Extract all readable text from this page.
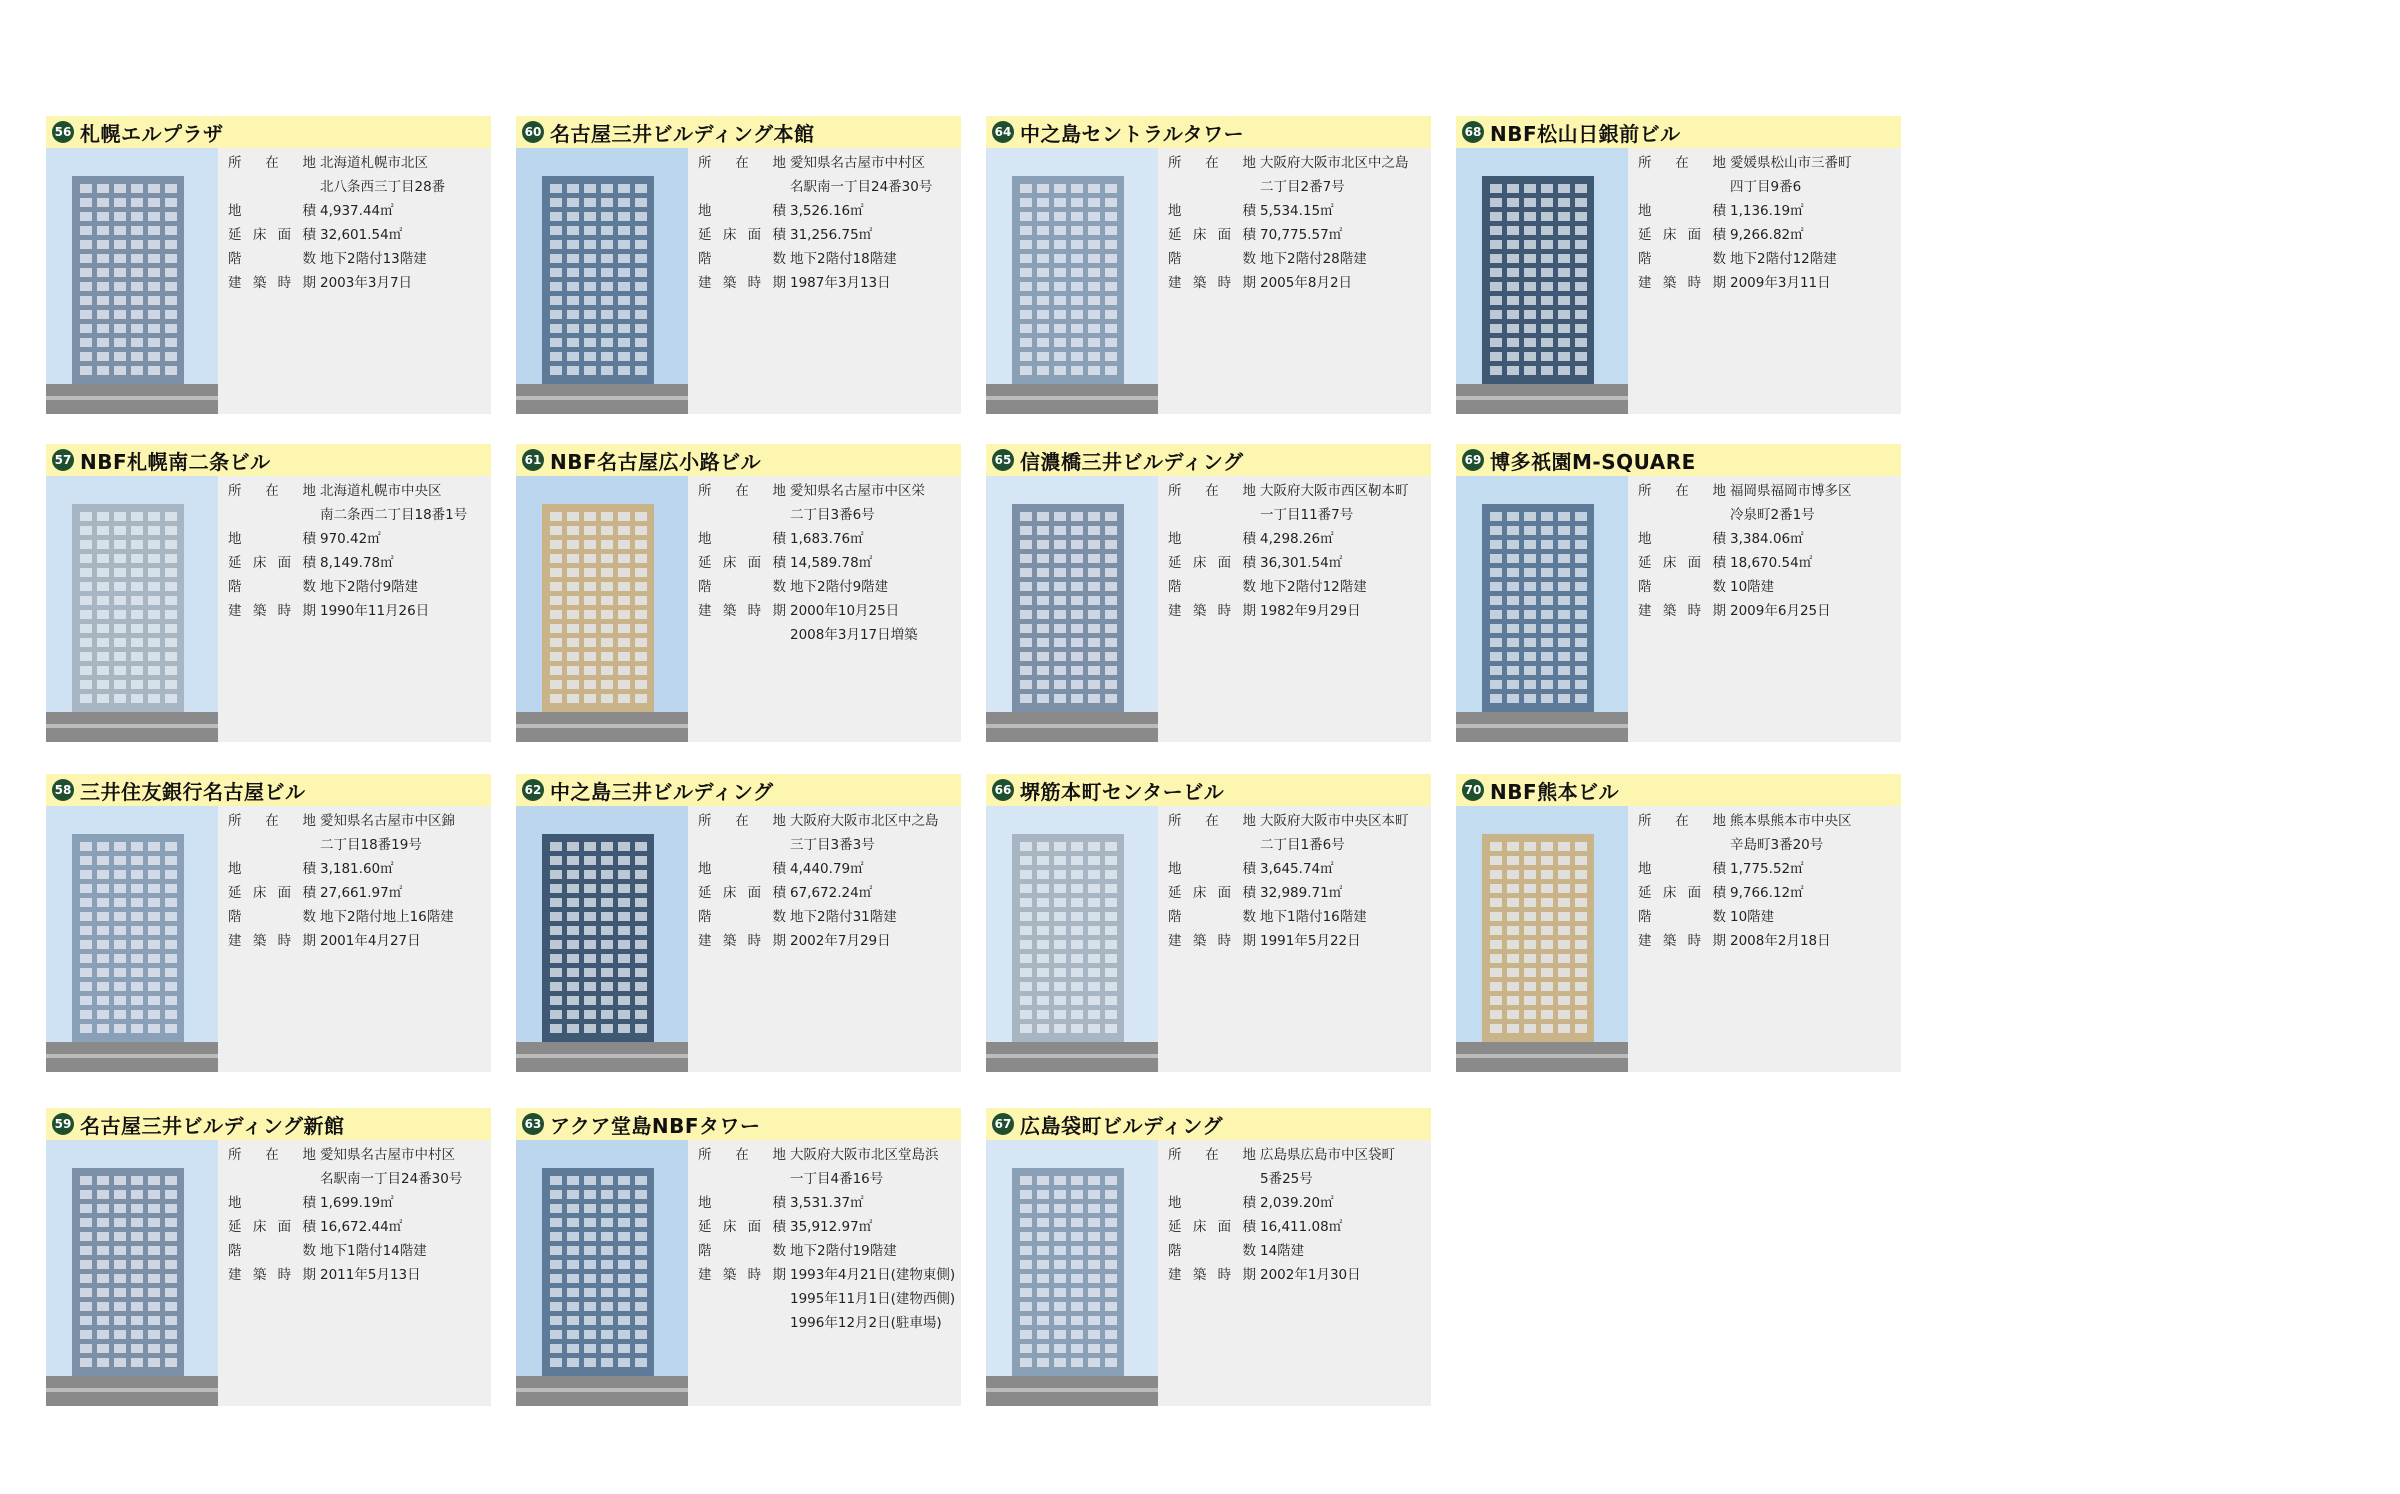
56 札幌エルプラザ
所 在 地 北海道札幌市北区
北八条西三丁目28番
地 積 4,937.44㎡
延床面積 32,601.54㎡
階 数 地下2階付13階建
建築時期 2003年3月7日
60 名古屋三井ビルディング本館
所 在 地 愛知県名古屋市中村区
名駅南一丁目24番30号
地 積 3,526.16㎡
延床面積 31,256.75㎡
階 数 地下2階付18階建
建築時期 1987年3月13日
64 中之島セントラルタワー
所 在 地 大阪府大阪市北区中之島
二丁目2番7号
地 積 5,534.15㎡
延床面積 70,775.57㎡
階 数 地下2階付28階建
建築時期 2005年8月2日
68 NBF松山日銀前ビル
所 在 地 愛媛県松山市三番町
四丁目9番6
地 積 1,136.19㎡
延床面積 9,266.82㎡
階 数 地下2階付12階建
建築時期 2009年3月11日
57 NBF札幌南二条ビル
所 在 地 北海道札幌市中央区
南二条西二丁目18番1号
地 積 970.42㎡
延床面積 8,149.78㎡
階 数 地下2階付9階建
建築時期 1990年11月26日
61 NBF名古屋広小路ビル
所 在 地 愛知県名古屋市中区栄
二丁目3番6号
地 積 1,683.76㎡
延床面積 14,589.78㎡
階 数 地下2階付9階建
建築時期 2000年10月25日
2008年3月17日増築
65 信濃橋三井ビルディング
所 在 地 大阪府大阪市西区靭本町
一丁目11番7号
地 積 4,298.26㎡
延床面積 36,301.54㎡
階 数 地下2階付12階建
建築時期 1982年9月29日
69 博多祇園M-SQUARE
所 在 地 福岡県福岡市博多区
冷泉町2番1号
地 積 3,384.06㎡
延床面積 18,670.54㎡
階 数 10階建
建築時期 2009年6月25日
58 三井住友銀行名古屋ビル
所 在 地 愛知県名古屋市中区錦
二丁目18番19号
地 積 3,181.60㎡
延床面積 27,661.97㎡
階 数 地下2階付地上16階建
建築時期 2001年4月27日
62 中之島三井ビルディング
所 在 地 大阪府大阪市北区中之島
三丁目3番3号
地 積 4,440.79㎡
延床面積 67,672.24㎡
階 数 地下2階付31階建
建築時期 2002年7月29日
66 堺筋本町センタービル
所 在 地 大阪府大阪市中央区本町
二丁目1番6号
地 積 3,645.74㎡
延床面積 32,989.71㎡
階 数 地下1階付16階建
建築時期 1991年5月22日
70 NBF熊本ビル
所 在 地 熊本県熊本市中央区
辛島町3番20号
地 積 1,775.52㎡
延床面積 9,766.12㎡
階 数 10階建
建築時期 2008年2月18日
59 名古屋三井ビルディング新館
所 在 地 愛知県名古屋市中村区
名駅南一丁目24番30号
地 積 1,699.19㎡
延床面積 16,672.44㎡
階 数 地下1階付14階建
建築時期 2011年5月13日
63 アクア堂島NBFタワー
所 在 地 大阪府大阪市北区堂島浜
一丁目4番16号
地 積 3,531.37㎡
延床面積 35,912.97㎡
階 数 地下2階付19階建
建築時期 1993年4月21日(建物東側)
1995年11月1日(建物西側)
1996年12月2日(駐車場)
67 広島袋町ビルディング
所 在 地 広島県広島市中区袋町
5番25号
地 積 2,039.20㎡
延床面積 16,411.08㎡
階 数 14階建
建築時期 2002年1月30日
